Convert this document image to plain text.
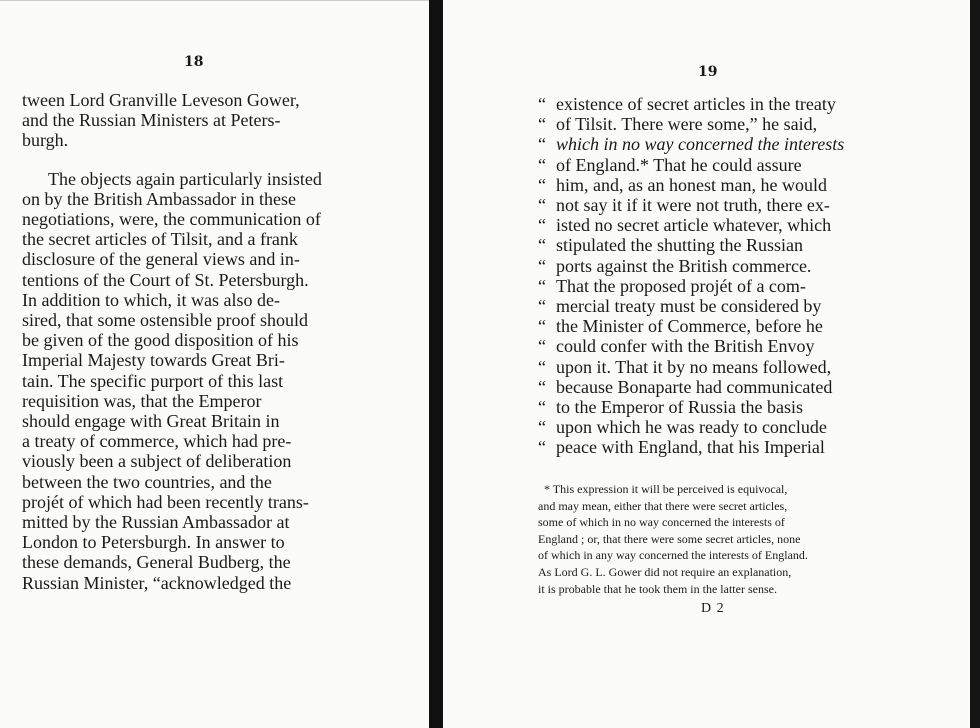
18
tween Lord Granville Leveson Gower,
and the Russian Ministers at Peters-
burgh.
The objects again particularly insisted
on by the British Ambassador in these
negotiations, were, the communication of
the secret articles of Tilsit, and a frank
disclosure of the general views and in-
tentions of the Court of St. Petersburgh.
In addition to which, it was also de-
sired, that some ostensible proof should
be given of the good disposition of his
Imperial Majesty towards Great Bri-
tain. The specific purport of this last
requisition was, that the Emperor
should engage with Great Britain in
a treaty of commerce, which had pre-
viously been a subject of deliberation
between the two countries, and the
projét of which had been recently trans-
mitted by the Russian Ambassador at
London to Petersburgh. In answer to
these demands, General Budberg, the
Russian Minister, “acknowledged the
19
“ existence of secret articles in the treaty
“ of Tilsit. There were some,” he said,
“ which in no way concerned the interests
“ of England.* That he could assure
“ him, and, as an honest man, he would
“ not say it if it were not truth, there ex-
“ isted no secret article whatever, which
“ stipulated the shutting the Russian
“ ports against the British commerce.
“ That the proposed projét of a com-
“ mercial treaty must be considered by
“ the Minister of Commerce, before he
“ could confer with the British Envoy
“ upon it. That it by no means followed,
“ because Bonaparte had communicated
“ to the Emperor of Russia the basis
“ upon which he was ready to conclude
“ peace with England, that his Imperial
* This expression it will be perceived is equivocal,
and may mean, either that there were secret articles,
some of which in no way concerned the interests of
England ; or, that there were some secret articles, none
of which in any way concerned the interests of England.
As Lord G. L. Gower did not require an explanation,
it is probable that he took them in the latter sense.
D 2
